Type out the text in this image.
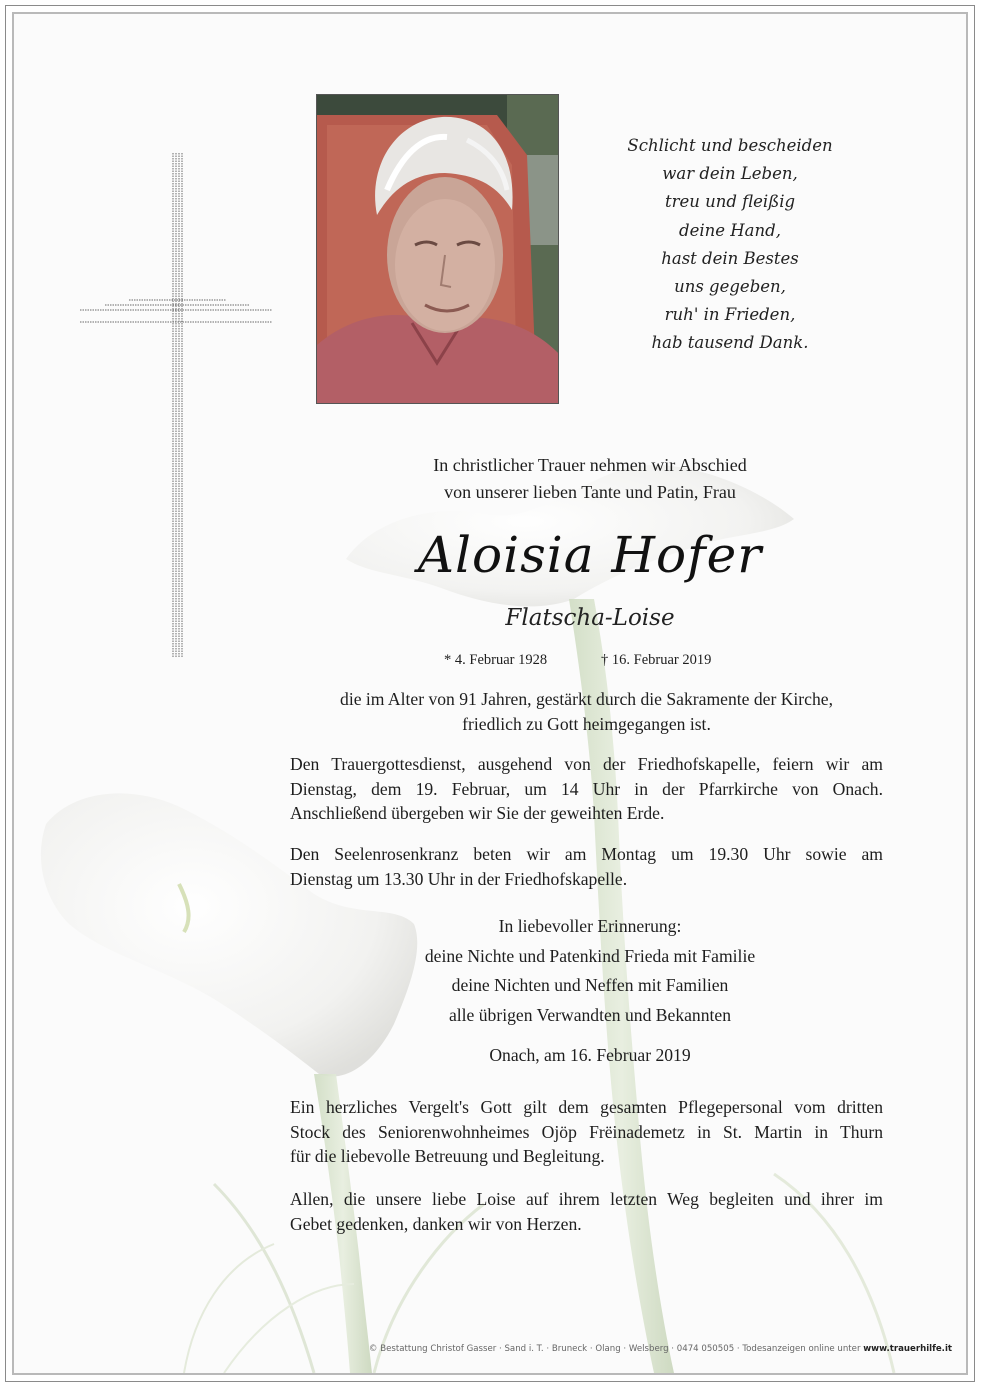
Schlicht und bescheiden
war dein Leben,
treu und fleißig
deine Hand,
hast dein Bestes
uns gegeben,
ruh' in Frieden,
hab tausend Dank.
In christlicher Trauer nehmen wir Abschied
von unserer lieben Tante und Patin, Frau
Aloisia Hofer
Flatscha-Loise
* 4. Februar 1928	† 16. Februar 2019
die im Alter von 91 Jahren, gestärkt durch die Sakramente der Kirche,
friedlich zu Gott heimgegangen ist.
Den Trauergottesdienst, ausgehend von der Friedhofskapelle, feiern wir am
Dienstag, dem 19. Februar, um 14 Uhr in der Pfarrkirche von Onach.
Anschließend übergeben wir Sie der geweihten Erde.
Den Seelenrosenkranz beten wir am Montag um 19.30 Uhr sowie am
Dienstag um 13.30 Uhr in der Friedhofskapelle.
In liebevoller Erinnerung:
deine Nichte und Patenkind Frieda mit Familie
deine Nichten und Neffen mit Familien
alle übrigen Verwandten und Bekannten
Onach, am 16. Februar 2019
Ein herzliches Vergelt's Gott gilt dem gesamten Pflegepersonal vom dritten
Stock des Seniorenwohnheimes Ojöp Frëinademetz in St. Martin in Thurn
für die liebevolle Betreuung und Begleitung.
Allen, die unsere liebe Loise auf ihrem letzten Weg begleiten und ihrer im
Gebet gedenken, danken wir von Herzen.
© Bestattung Christof Gasser · Sand i. T. · Bruneck · Olang · Welsberg · 0474 050505 · Todesanzeigen online unter www.trauerhilfe.it
